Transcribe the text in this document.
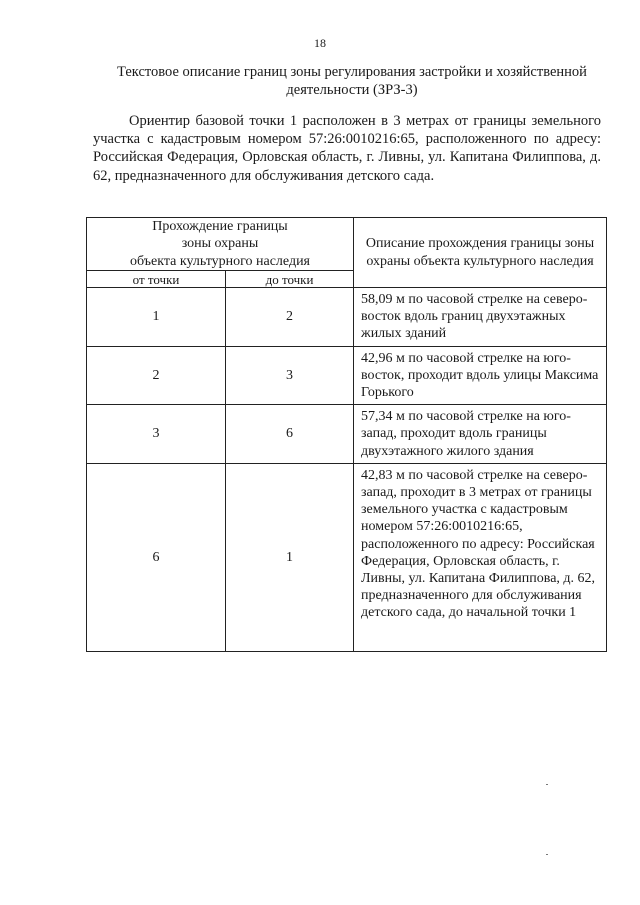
18
Текстовое описание границ зоны регулирования застройки и хозяйственной
деятельности (ЗРЗ-3)

Ориентир базовой точки 1 расположен в 3 метрах от границы земельного участка с кадастровым номером 57:26:0010216:65, расположенного по адресу: Российская Федерация, Орловская область, г. Ливны, ул. Капитана Филиппова, д. 62, предназначенного для обслуживания детского сада.

Прохождение границы
зоны охраны
объекта культурного наследия		Описание прохождения границы зоны охраны объекта культурного наследия
от точки	до точки	
1	2	58,09 м по часовой стрелке на северо-восток вдоль границ двухэтажных жилых зданий
2	3	42,96 м по часовой стрелке на юго-восток, проходит вдоль улицы Максима Горького
3	6	57,34 м по часовой стрелке на юго-запад, проходит вдоль границы двухэтажного жилого здания
6	1	42,83 м по часовой стрелке на северо-запад, проходит в 3 метрах от границы земельного участка с кадастровым номером 57:26:0010216:65, расположенного по адресу: Российская Федерация, Орловская область, г. Ливны, ул. Капитана Филиппова, д. 62, предназначенного для обслуживания детского сада, до начальной точки 1
